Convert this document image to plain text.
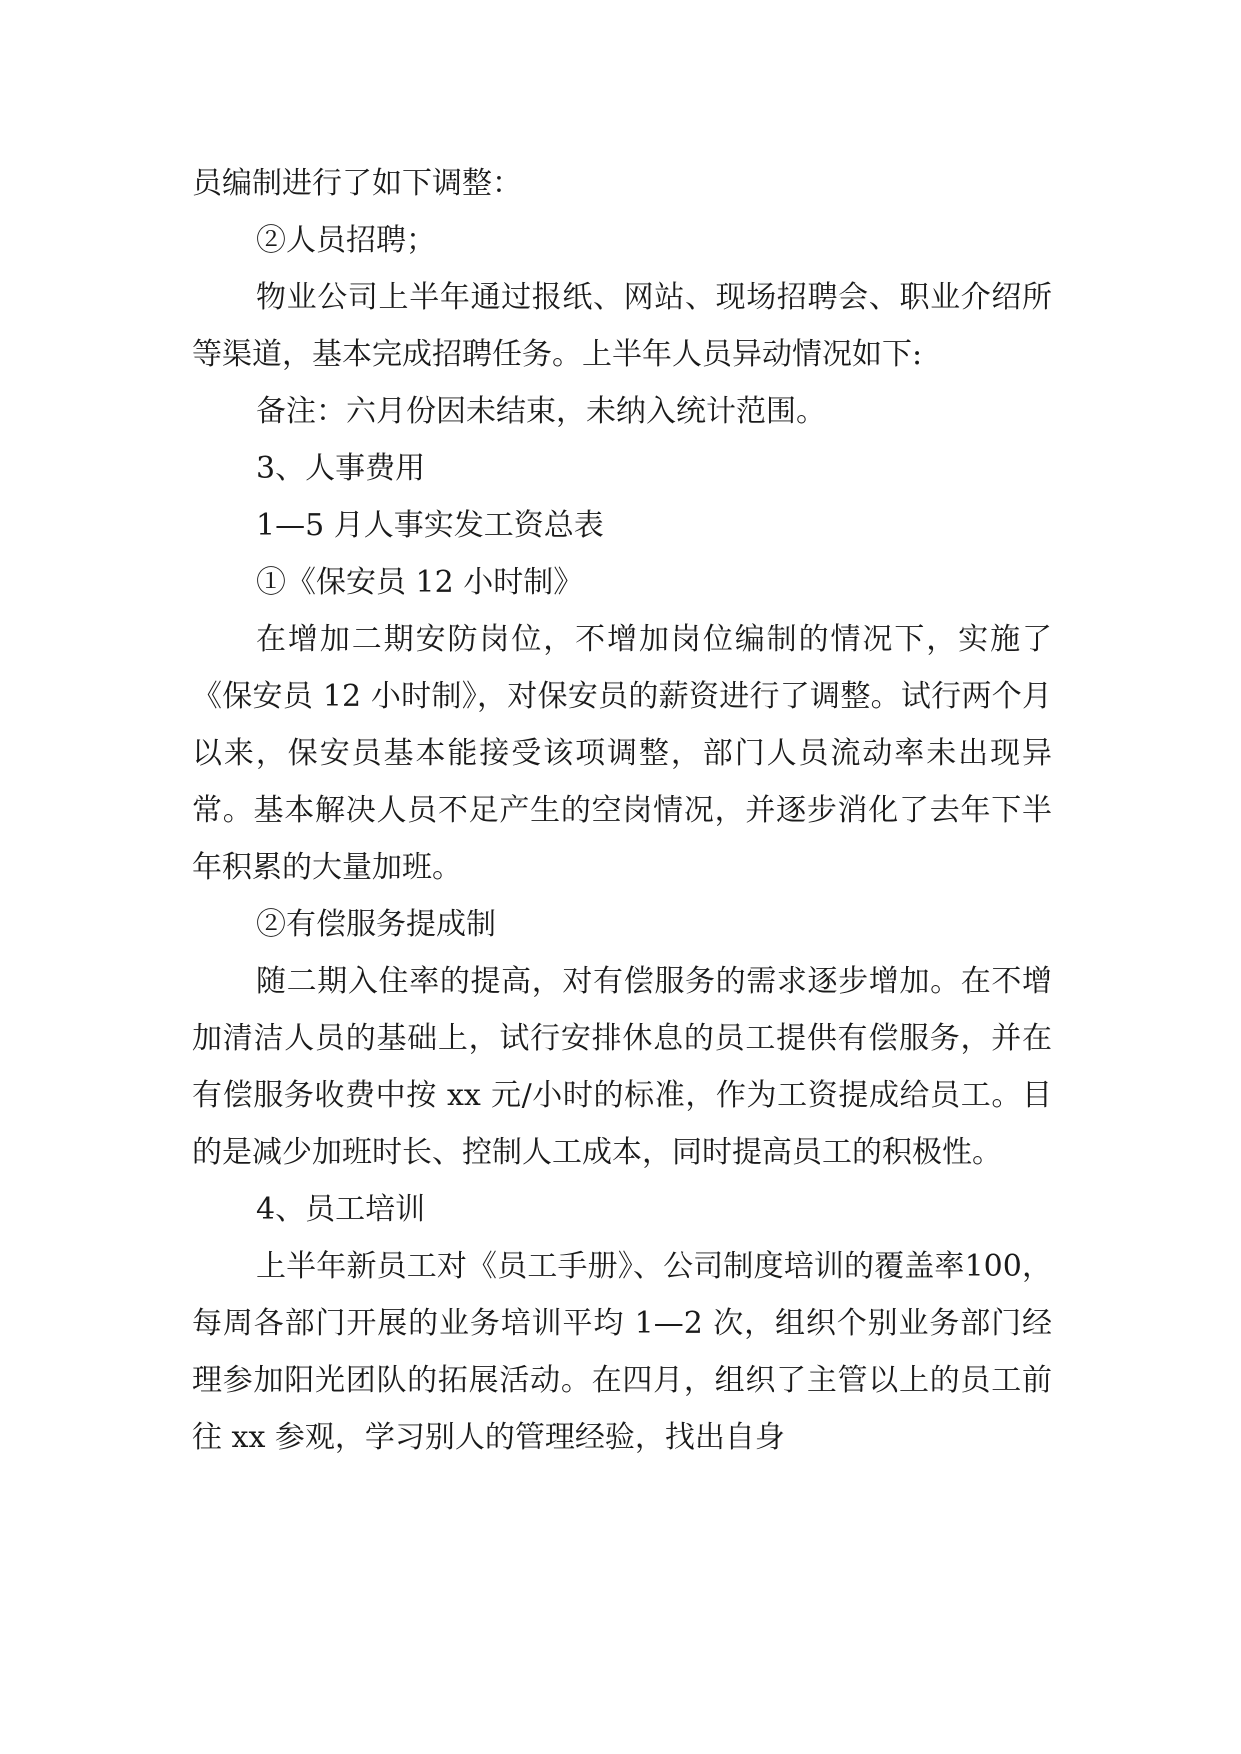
员编制进行了如下调整：

②人员招聘；

物业公司上半年通过报纸、网站、现场招聘会、职业介绍所等渠道，基本完成招聘任务。上半年人员异动情况如下:

备注：六月份因未结束，未纳入统计范围。

3、人事费用

1—5 月人事实发工资总表

①《保安员 12 小时制》

在增加二期安防岗位，不增加岗位编制的情况下，实施了《保安员 12 小时制》，对保安员的薪资进行了调整。试行两个月以来，保安员基本能接受该项调整，部门人员流动率未出现异常。基本解决人员不足产生的空岗情况，并逐步消化了去年下半年积累的大量加班。

②有偿服务提成制

随二期入住率的提高，对有偿服务的需求逐步增加。在不增加清洁人员的基础上，试行安排休息的员工提供有偿服务，并在有偿服务收费中按 xx 元/小时的标准，作为工资提成给员工。目的是减少加班时长、控制人工成本，同时提高员工的积极性。

4、员工培训

上半年新员工对《员工手册》、公司制度培训的覆盖率100，每周各部门开展的业务培训平均 1—2 次，组织个别业务部门经理参加阳光团队的拓展活动。在四月，组织了主管以上的员工前往 xx 参观，学习别人的管理经验，找出自身
